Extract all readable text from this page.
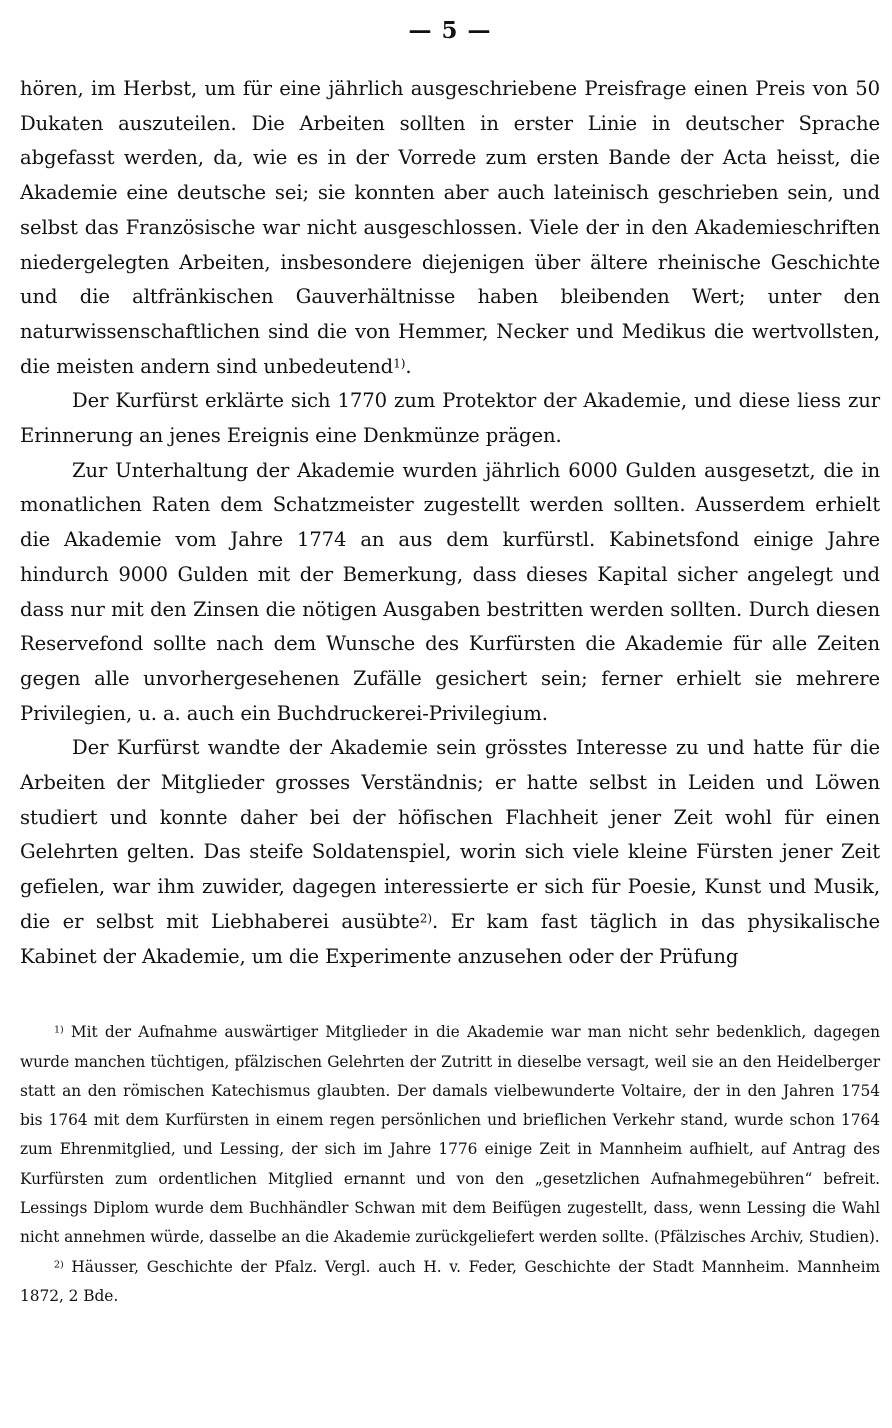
— 5 —

hören, im Herbst, um für eine jährlich ausgeschriebene Preisfrage einen Preis von 50 Dukaten auszuteilen. Die Arbeiten sollten in erster Linie in deutscher Sprache abgefasst werden, da, wie es in der Vorrede zum ersten Bande der Acta heisst, die Akademie eine deutsche sei; sie konnten aber auch lateinisch geschrieben sein, und selbst das Französische war nicht ausgeschlossen. Viele der in den Akademieschriften niedergelegten Arbeiten, insbesondere diejenigen über ältere rheinische Geschichte und die altfränkischen Gauverhältnisse haben bleibenden Wert; unter den naturwissenschaftlichen sind die von Hemmer, Necker und Medikus die wertvollsten, die meisten andern sind unbedeutend$^{1)}$.

Der Kurfürst erklärte sich 1770 zum Protektor der Akademie, und diese liess zur Erinnerung an jenes Ereignis eine Denkmünze prägen.

Zur Unterhaltung der Akademie wurden jährlich 6000 Gulden ausgesetzt, die in monatlichen Raten dem Schatzmeister zugestellt werden sollten. Ausserdem erhielt die Akademie vom Jahre 1774 an aus dem kurfürstl. Kabinetsfond einige Jahre hindurch 9000 Gulden mit der Bemerkung, dass dieses Kapital sicher angelegt und dass nur mit den Zinsen die nötigen Ausgaben bestritten werden sollten. Durch diesen Reservefond sollte nach dem Wunsche des Kurfürsten die Akademie für alle Zeiten gegen alle unvorhergesehenen Zufälle gesichert sein; ferner erhielt sie mehrere Privilegien, u. a. auch ein Buchdruckerei-Privilegium.

Der Kurfürst wandte der Akademie sein grösstes Interesse zu und hatte für die Arbeiten der Mitglieder grosses Verständnis; er hatte selbst in Leiden und Löwen studiert und konnte daher bei der höfischen Flachheit jener Zeit wohl für einen Gelehrten gelten. Das steife Soldatenspiel, worin sich viele kleine Fürsten jener Zeit gefielen, war ihm zuwider, dagegen interessierte er sich für Poesie, Kunst und Musik, die er selbst mit Liebhaberei ausübte$^{2)}$. Er kam fast täglich in das physikalische Kabinet der Akademie, um die Experimente anzusehen oder der Prüfung

$^{1)}$ Mit der Aufnahme auswärtiger Mitglieder in die Akademie war man nicht sehr bedenklich, dagegen wurde manchen tüchtigen, pfälzischen Gelehrten der Zutritt in dieselbe versagt, weil sie an den Heidelberger statt an den römischen Katechismus glaubten. Der damals vielbewunderte Voltaire, der in den Jahren 1754 bis 1764 mit dem Kurfürsten in einem regen persönlichen und brieflichen Verkehr stand, wurde schon 1764 zum Ehrenmitglied, und Lessing, der sich im Jahre 1776 einige Zeit in Mannheim aufhielt, auf Antrag des Kurfürsten zum ordentlichen Mitglied ernannt und von den „gesetzlichen Aufnahmegebühren“ befreit. Lessings Diplom wurde dem Buchhändler Schwan mit dem Beifügen zugestellt, dass, wenn Lessing die Wahl nicht annehmen würde, dasselbe an die Akademie zurückgeliefert werden sollte. (Pfälzisches Archiv, Studien).

$^{2)}$ Häusser, Geschichte der Pfalz. Vergl. auch H. v. Feder, Geschichte der Stadt Mannheim. Mannheim 1872, 2 Bde.
